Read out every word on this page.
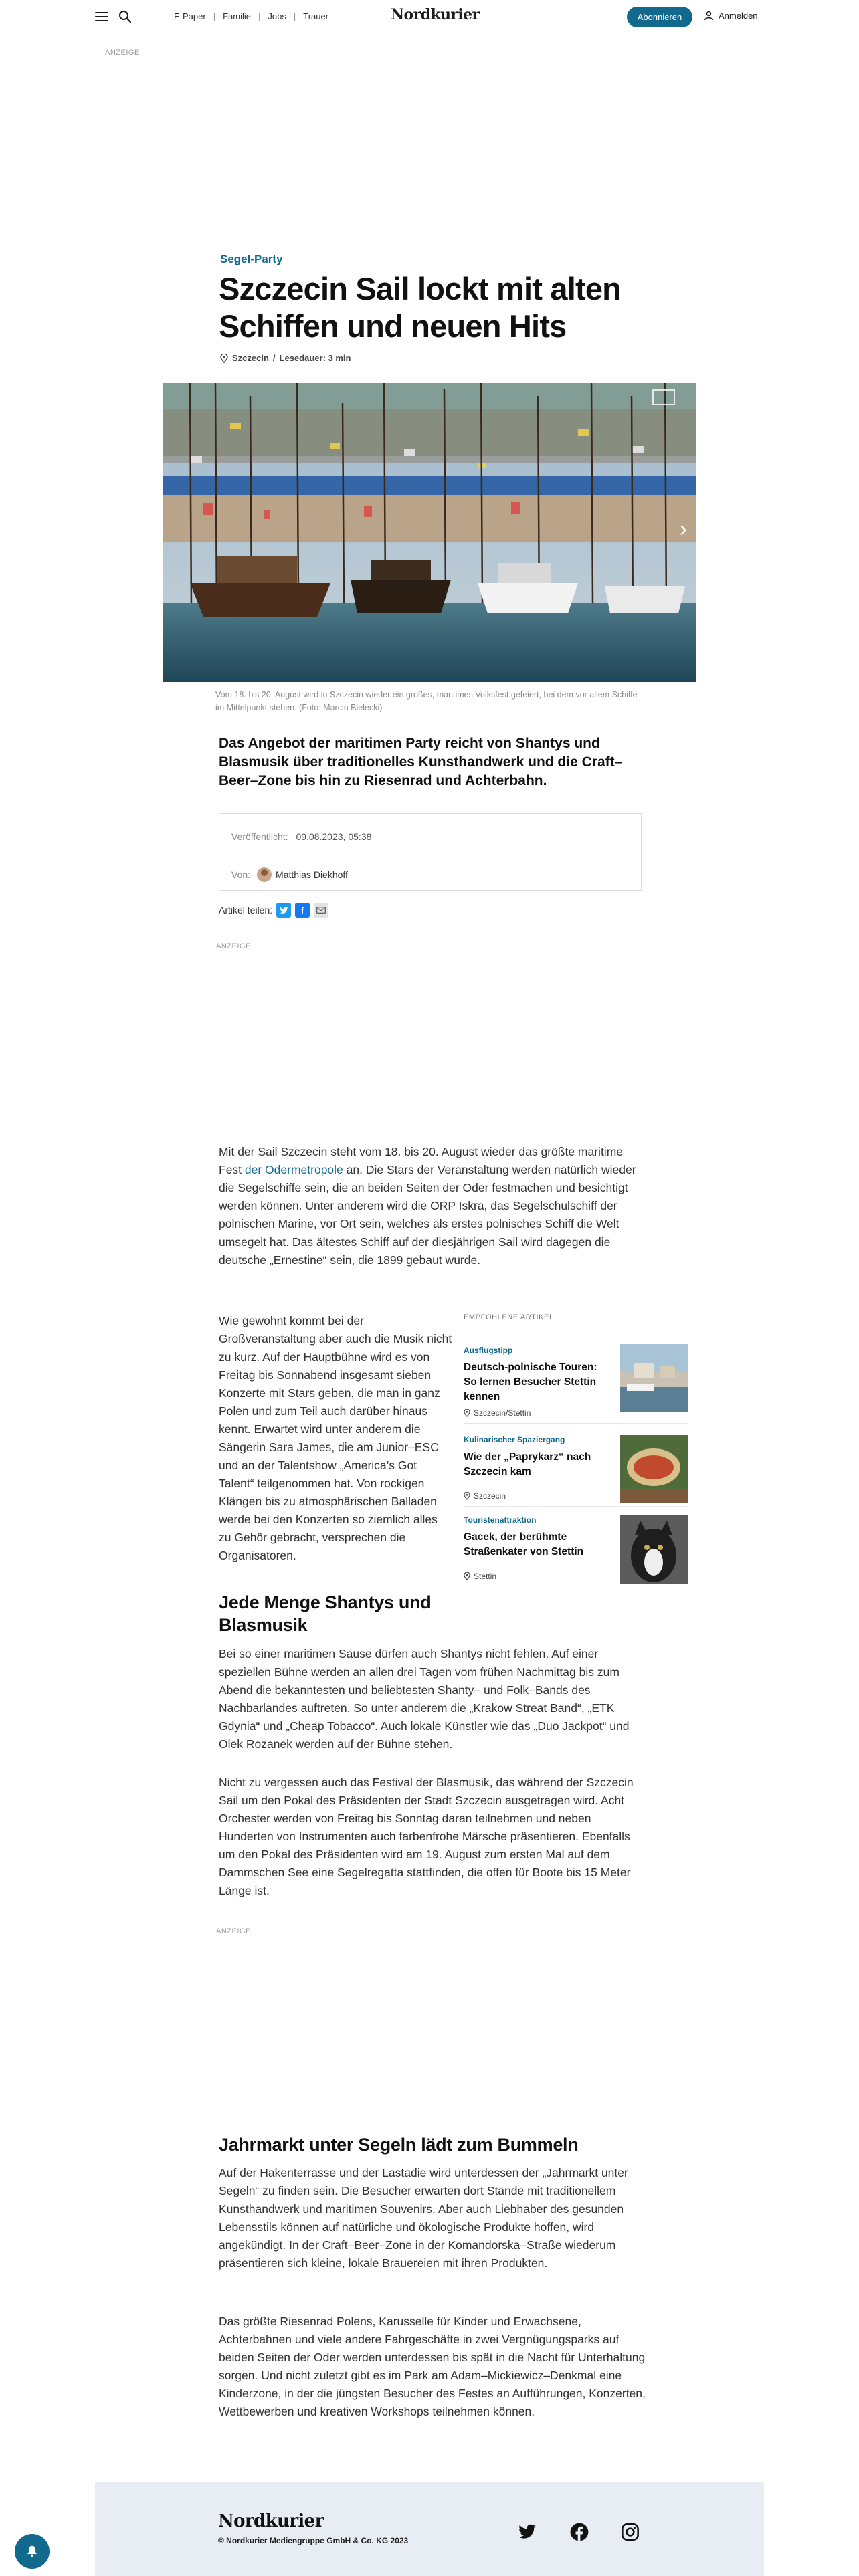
E-Paper | Familie | Jobs | Trauer	Nordkurier	Abonnieren	Anmelden
ANZEIGE
Segel-Party
Szczecin Sail lockt mit alten Schiffen und neuen Hits
Szczecin / Lesedauer: 3 min
›
Vom 18. bis 20. August wird in Szczecin wieder ein großes, maritimes Volksfest gefeiert, bei dem vor allem Schiffe im Mittelpunkt stehen. (Foto: Marcin Bielecki)

Das Angebot der maritimen Party reicht von Shantys und Blasmusik über traditionelles Kunsthandwerk und die Craft–Beer–Zone bis hin zu Riesenrad und Achterbahn.

Veröffentlicht: 09.08.2023, 05:38
Von:	Matthias Diekhoff
Artikel teilen:	f
ANZEIGE

Mit der Sail Szczecin steht vom 18. bis 20. August wieder das größte maritime Fest der Odermetropole an. Die Stars der Veranstaltung werden natürlich wieder die Segelschiffe sein, die an beiden Seiten der Oder festmachen und besichtigt werden können. Unter anderem wird die ORP Iskra, das Segelschulschiff der polnischen Marine, vor Ort sein, welches als erstes polnisches Schiff die Welt umsegelt hat. Das ältestes Schiff auf der diesjährigen Sail wird dagegen die deutsche „Ernestine“ sein, die 1899 gebaut wurde.

Wie gewohnt kommt bei der Großveranstaltung aber auch die Musik nicht zu kurz. Auf der Hauptbühne wird es von Freitag bis Sonnabend insgesamt sieben Konzerte mit Stars geben, die man in ganz Polen und zum Teil auch darüber hinaus kennt. Erwartet wird unter anderem die Sängerin Sara James, die am Junior–ESC und an der Talentshow „America’s Got Talent“ teilgenommen hat. Von rockigen Klängen bis zu atmosphärischen Balladen werde bei den Konzerten so ziemlich alles zu Gehör gebracht, versprechen die Organisatoren.

EMPFOHLENE ARTIKEL
Ausflugstipp
Deutsch-polnische Touren: So lernen Besucher Stettin kennen
Szczecin/Stettin
Kulinarischer Spaziergang
Wie der „Paprykarz“ nach Szczecin kam
Szczecin
Touristenattraktion
Gacek, der berühmte Straßenkater von Stettin
Stettin
Jede Menge Shantys und Blasmusik

Bei so einer maritimen Sause dürfen auch Shantys nicht fehlen. Auf einer speziellen Bühne werden an allen drei Tagen vom frühen Nachmittag bis zum Abend die bekanntesten und beliebtesten Shanty– und Folk–Bands des Nachbarlandes auftreten. So unter anderem die „Krakow Streat Band“, „ETK Gdynia“ und „Cheap Tobacco“. Auch lokale Künstler wie das „Duo Jackpot“ und Olek Rozanek werden auf der Bühne stehen.

Nicht zu vergessen auch das Festival der Blasmusik, das während der Szczecin Sail um den Pokal des Präsidenten der Stadt Szczecin ausgetragen wird. Acht Orchester werden von Freitag bis Sonntag daran teilnehmen und neben Hunderten von Instrumenten auch farbenfrohe Märsche präsentieren. Ebenfalls um den Pokal des Präsidenten wird am 19. August zum ersten Mal auf dem Dammschen See eine Segelregatta stattfinden, die offen für Boote bis 15 Meter Länge ist.

ANZEIGE
Jahrmarkt unter Segeln lädt zum Bummeln

Auf der Hakenterrasse und der Lastadie wird unterdessen der „Jahrmarkt unter Segeln“ zu finden sein. Die Besucher erwarten dort Stände mit traditionellem Kunsthandwerk und maritimen Souvenirs. Aber auch Liebhaber des gesunden Lebensstils können auf natürliche und ökologische Produkte hoffen, wird angekündigt. In der Craft–Beer–Zone in der Komandorska–Straße wiederum präsentieren sich kleine, lokale Brauereien mit ihren Produkten.

Das größte Riesenrad Polens, Karusselle für Kinder und Erwachsene, Achterbahnen und viele andere Fahrgeschäfte in zwei Vergnügungsparks auf beiden Seiten der Oder werden unterdessen bis spät in die Nacht für Unterhaltung sorgen. Und nicht zuletzt gibt es im Park am Adam–Mickiewicz–Denkmal eine Kinderzone, in der die jüngsten Besucher des Festes an Aufführungen, Konzerten, Wettbewerben und kreativen Workshops teilnehmen können.

Nordkurier
© Nordkurier Mediengruppe GmbH & Co. KG 2023
